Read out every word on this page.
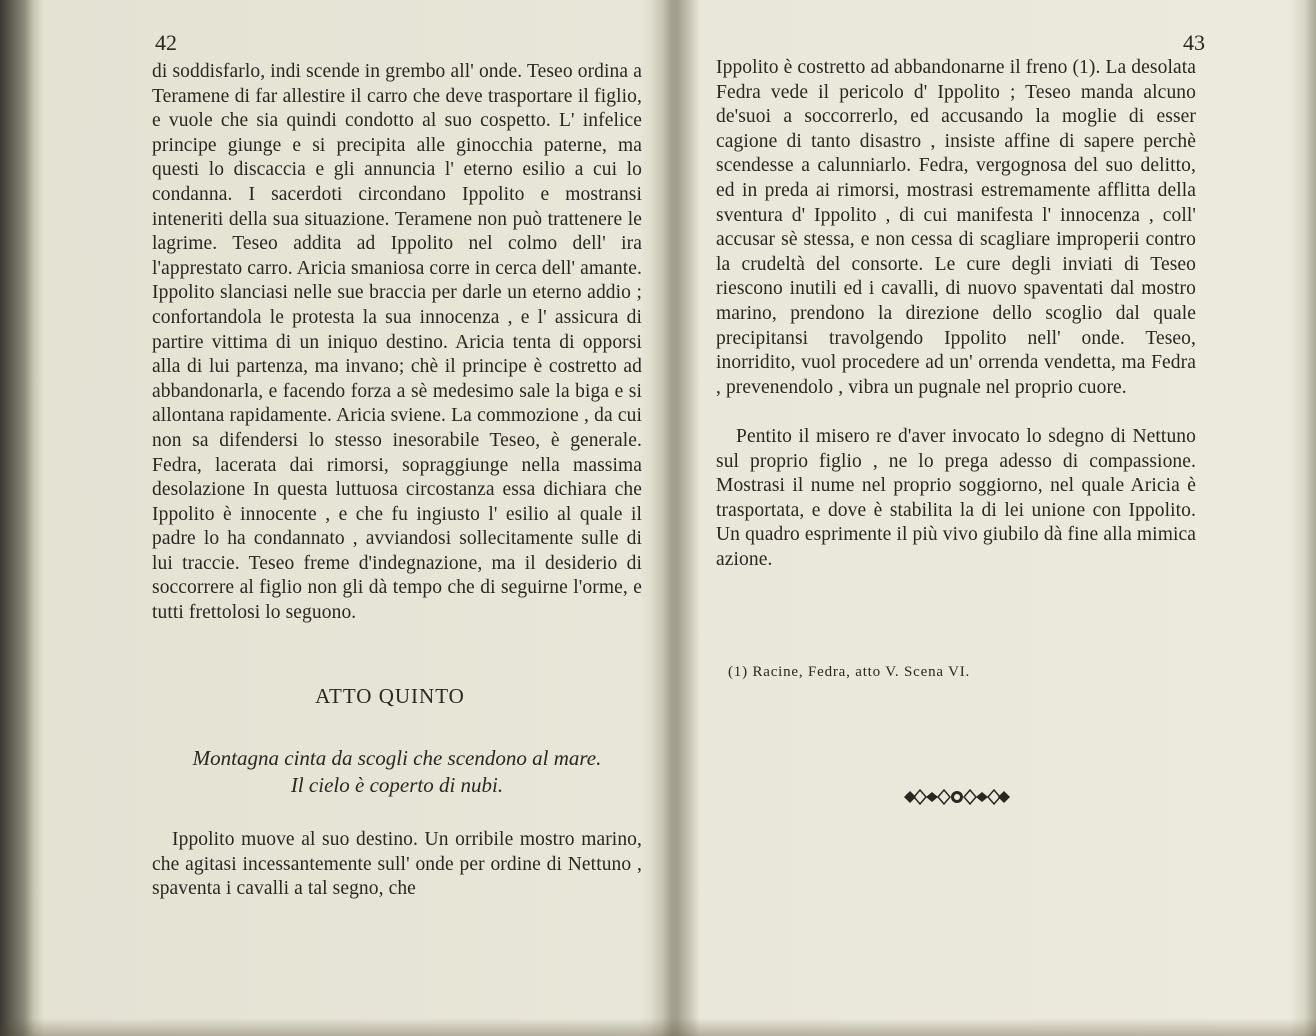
42
di soddisfarlo, indi scende in grembo all' onde. Teseo ordina a Teramene di far allestire il carro che deve trasportare il figlio, e vuole che sia quindi condotto al suo cospetto. L' infelice principe giunge e si precipita alle ginocchia paterne, ma questi lo discaccia e gli annuncia l' eterno esilio a cui lo condanna. I sacerdoti circondano Ippolito e mostransi inteneriti della sua situazione. Teramene non può trattenere le lagrime. Teseo addita ad Ippolito nel colmo dell' ira l'apprestato carro. Aricia smaniosa corre in cerca dell' amante. Ippolito slanciasi nelle sue braccia per darle un eterno addio ; confortandola le protesta la sua innocenza , e l' assicura di partire vittima di un iniquo destino. Aricia tenta di opporsi alla di lui partenza, ma invano; chè il principe è costretto ad abbandonarla, e facendo forza a sè medesimo sale la biga e si allontana rapidamente. Aricia sviene. La commozione , da cui non sa difendersi lo stesso inesorabile Teseo, è generale. Fedra, lacerata dai rimorsi, sopraggiunge nella massima desolazione In questa luttuosa circostanza essa dichiara che Ippolito è innocente , e che fu ingiusto l' esilio al quale il padre lo ha condannato , avviandosi sollecitamente sulle di lui traccie. Teseo freme d'indegnazione, ma il desiderio di soccorrere al figlio non gli dà tempo che di seguirne l'orme, e tutti frettolosi lo seguono.
ATTO QUINTO
Montagna cinta da scogli che scendono al mare.
Il cielo è coperto di nubi.
Ippolito muove al suo destino. Un orribile mostro marino, che agitasi incessantemente sull' onde per ordine di Nettuno , spaventa i cavalli a tal segno, che
43
Ippolito è costretto ad abbandonarne il freno (1). La desolata Fedra vede il pericolo d' Ippolito ; Teseo manda alcuno de'suoi a soccorrerlo, ed accusando la moglie di esser cagione di tanto disastro , insiste affine di sapere perchè scendesse a calunniarlo. Fedra, vergognosa del suo delitto, ed in preda ai rimorsi, mostrasi estremamente afflitta della sventura d' Ippolito , di cui manifesta l' innocenza , coll' accusar sè stessa, e non cessa di scagliare improperii contro la crudeltà del consorte. Le cure degli inviati di Teseo riescono inutili ed i cavalli, di nuovo spaventati dal mostro marino, prendono la direzione dello scoglio dal quale precipitansi travolgendo Ippolito nell' onde. Teseo, inorridito, vuol procedere ad un' orrenda vendetta, ma Fedra , prevenendolo , vibra un pugnale nel proprio cuore.
Pentito il misero re d'aver invocato lo sdegno di Nettuno sul proprio figlio , ne lo prega adesso di compassione. Mostrasi il nume nel proprio soggiorno, nel quale Aricia è trasportata, e dove è stabilita la di lei unione con Ippolito. Un quadro esprimente il più vivo giubilo dà fine alla mimica azione.
(1) Racine, Fedra, atto V. Scena VI.
